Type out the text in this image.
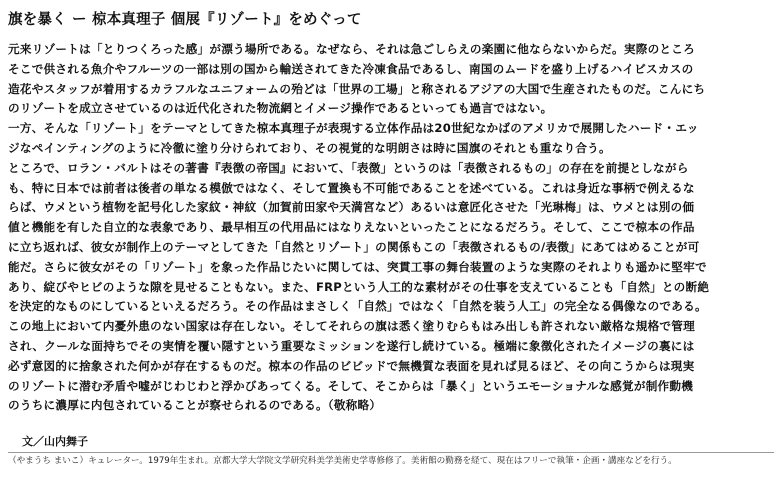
旗を暴く ー 椋本真理子 個展『リゾート』をめぐって
元来リゾートは「とりつくろった感」が漂う場所である。なぜなら、それは急ごしらえの楽園に他ならないからだ。実際のところ
そこで供される魚介やフルーツの一部は別の国から輸送されてきた冷凍食品であるし、南国のムードを盛り上げるハイビスカスの
造花やスタッフが着用するカラフルなユニフォームの殆どは「世界の工場」と称されるアジアの大国で生産されたものだ。こんにち
のリゾートを成立させているのは近代化された物流網とイメージ操作であるといっても過言ではない。
一方、そんな「リゾート」をテーマとしてきた椋本真理子が表現する立体作品は20世紀なかばのアメリカで展開したハード・エッ
ジなペインティングのように冷徹に塗り分けられており、その視覚的な明朗さは時に国旗のそれとも重なり合う。
ところで、ロラン・バルトはその著書『表徴の帝国』において、「表徴」というのは「表徴されるもの」の存在を前提としながら
も、特に日本では前者は後者の単なる模倣ではなく、そして置換も不可能であることを述べている。これは身近な事柄で例えるな
らば、ウメという植物を記号化した家紋・神紋（加賀前田家や天満宮など）あるいは意匠化させた「光琳梅」は、ウメとは別の価
値と機能を有した自立的な表象であり、最早相互の代用品にはなりえないといったことになるだろう。そして、ここで椋本の作品
に立ち返れば、彼女が制作上のテーマとしてきた「自然とリゾート」の関係もこの「表徴されるもの/表徴」にあてはめることが可
能だ。さらに彼女がその「リゾート」を象った作品じたいに関しては、突貫工事の舞台装置のような実際のそれよりも遥かに堅牢で
あり、綻びやヒビのような隙を見せることもない。また、FRPという人工的な素材がその仕事を支えていることも「自然」との断絶
を決定的なものにしているといえるだろう。その作品はまさしく「自然」ではなく「自然を装う人工」の完全なる偶像なのである。
この地上において内憂外患のない国家は存在しない。そしてそれらの旗は悉く塗りむらもはみ出しも許されない厳格な規格で管理
され、クールな面持ちでその実情を覆い隠すという重要なミッションを遂行し続けている。極端に象徴化されたイメージの裏には
必ず意図的に捨象された何かが存在するものだ。椋本の作品のビビッドで無機質な表面を見れば見るほど、その向こうからは現実
のリゾートに潜む矛盾や嘘がじわじわと浮かびあってくる。そして、そこからは「暴く」というエモーショナルな感覚が制作動機
のうちに濃厚に内包されていることが察せられるのである。（敬称略）
文／山内舞子
（やまうち まいこ）キュレーター。1979年生まれ。京都大学大学院文学研究科美学美術史学専修修了。美術館の勤務を経て、現在はフリーで執筆・企画・講座などを行う。
